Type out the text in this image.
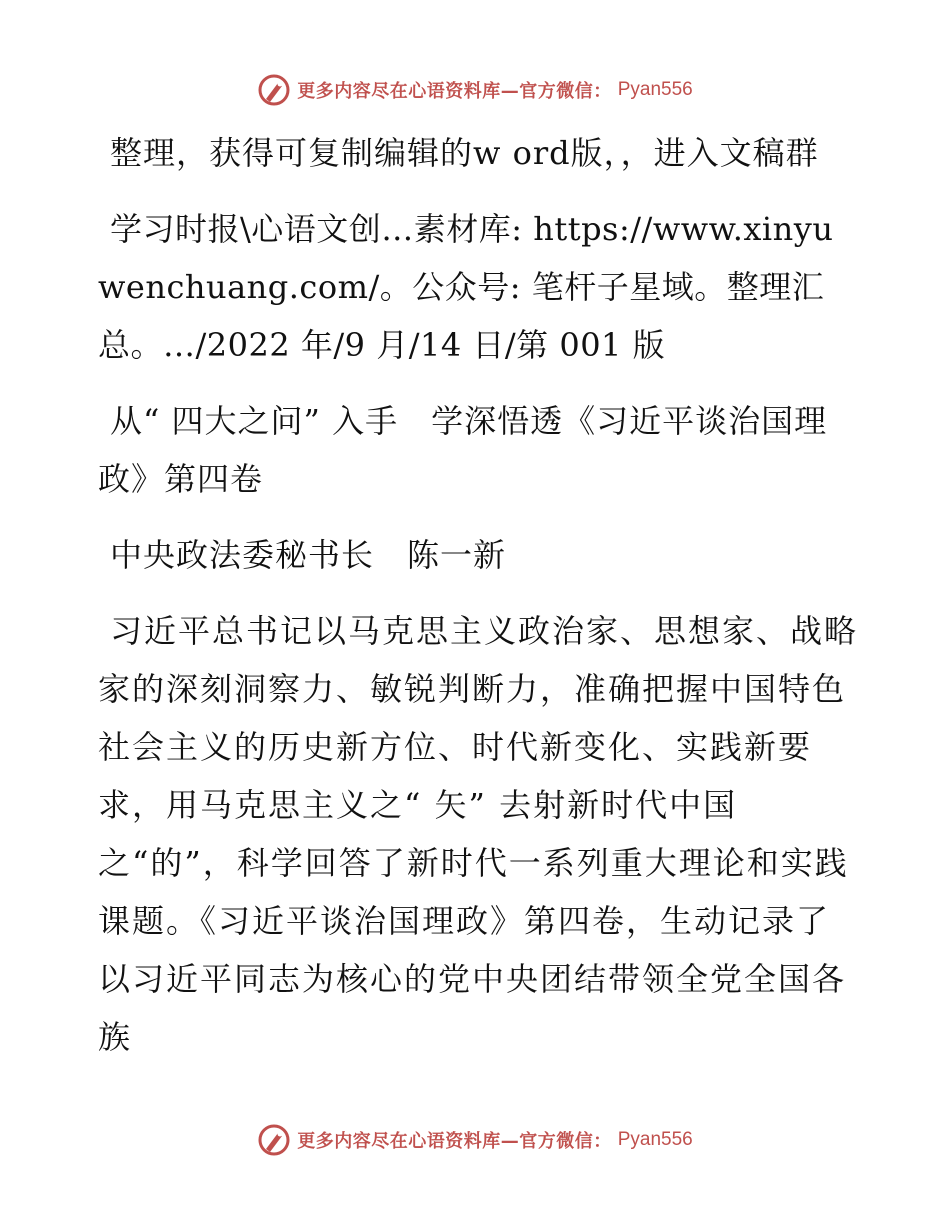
更多内容尽在心语资料库—官方微信： Pyan556

整理，获得可复制编辑的w ord版，，进入文稿群

学习时报\心语文创…素材库: https://www.xinyuwenchuang.com/。公众号: 笔杆子星域。整理汇总。…/2022 年/9 月/14 日/第 001 版

从“ 四大之问” 入手　学深悟透《习近平谈治国理政》第四卷

中央政法委秘书长　陈一新

习近平总书记以马克思主义政治家、思想家、战略家的深刻洞察力、敏锐判断力，准确把握中国特色社会主义的历史新方位、时代新变化、实践新要求，用马克思主义之“ 矢” 去射新时代中国之“的”，科学回答了新时代一系列重大理论和实践课题。《习近平谈治国理政》第四卷，生动记录了以习近平同志为核心的党中央团结带领全党全国各族

更多内容尽在心语资料库—官方微信： Pyan556
